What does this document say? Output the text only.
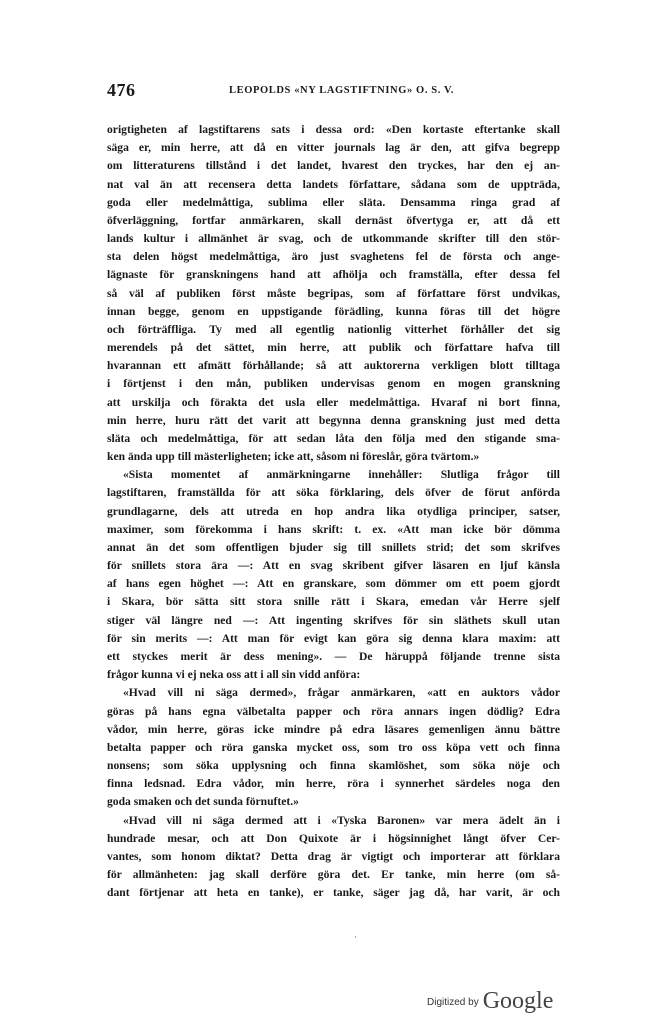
476	LEOPOLDS «NY LAGSTIFTNING» O. S. V.
origtigheten af lagstiftarens sats i dessa ord: «Den kortaste eftertanke skall
säga er, min herre, att då en vitter journals lag är den, att gifva begrepp
om litteraturens tillstånd i det landet, hvarest den tryckes, har den ej an-
nat val än att recensera detta landets författare, sådana som de uppträda,
goda eller medelmåttiga, sublima eller släta. Densamma ringa grad af
öfverläggning, fortfar anmärkaren, skall dernäst öfvertyga er, att då ett
lands kultur i allmänhet är svag, och de utkommande skrifter till den stör-
sta delen högst medelmåttiga, äro just svaghetens fel de första och ange-
lägnaste för granskningens hand att afhölja och framställa, efter dessa fel
så väl af publiken först måste begripas, som af författare först undvikas,
innan begge, genom en uppstigande förädling, kunna föras till det högre
och förträffliga. Ty med all egentlig nationlig vitterhet förhåller det sig
merendels på det sättet, min herre, att publik och författare hafva till
hvarannan ett afmätt förhållande; så att auktorerna verkligen blott tilltaga
i förtjenst i den mån, publiken undervisas genom en mogen granskning
att urskilja och förakta det usla eller medelmåttiga. Hvaraf ni bort finna,
min herre, huru rätt det varit att begynna denna granskning just med detta
släta och medelmåttiga, för att sedan låta den följa med den stigande sma-
ken ända upp till mästerligheten; icke att, såsom ni föreslår, göra tvärtom.»
«Sista momentet af anmärkningarne innehåller: Slutliga frågor till
lagstiftaren, framställda för att söka förklaring, dels öfver de förut anförda
grundlagarne, dels att utreda en hop andra lika otydliga principer, satser,
maximer, som förekomma i hans skrift: t. ex. «Att man icke bör dömma
annat än det som offentligen bjuder sig till snillets strid; det som skrifves
för snillets stora ära —: Att en svag skribent gifver läsaren en ljuf känsla
af hans egen höghet —: Att en granskare, som dömmer om ett poem gjordt
i Skara, bör sätta sitt stora snille rätt i Skara, emedan vår Herre sjelf
stiger väl längre ned —: Att ingenting skrifves för sin släthets skull utan
för sin merits —: Att man för evigt kan göra sig denna klara maxim: att
ett styckes merit är dess mening». — De häruppå följande trenne sista
frågor kunna vi ej neka oss att i all sin vidd anföra:
«Hvad vill ni säga dermed», frågar anmärkaren, «att en auktors vådor
göras på hans egna välbetalta papper och röra annars ingen dödlig? Edra
vådor, min herre, göras icke mindre på edra läsares gemenligen ännu bättre
betalta papper och röra ganska mycket oss, som tro oss köpa vett och finna
nonsens; som söka upplysning och finna skamlöshet, som söka nöje och
finna ledsnad. Edra vådor, min herre, röra i synnerhet särdeles noga den
goda smaken och det sunda förnuftet.»
«Hvad vill ni säga dermed att i «Tyska Baronen» var mera ädelt än i
hundrade mesar, och att Don Quixote är i högsinnighet långt öfver Cer-
vantes, som honom diktat? Detta drag är vigtigt och importerar att förklara
för allmänheten: jag skall derföre göra det. Er tanke, min herre (om så-
dant förtjenar att heta en tanke), er tanke, säger jag då, har varit, är och
·
Digitized by Google
